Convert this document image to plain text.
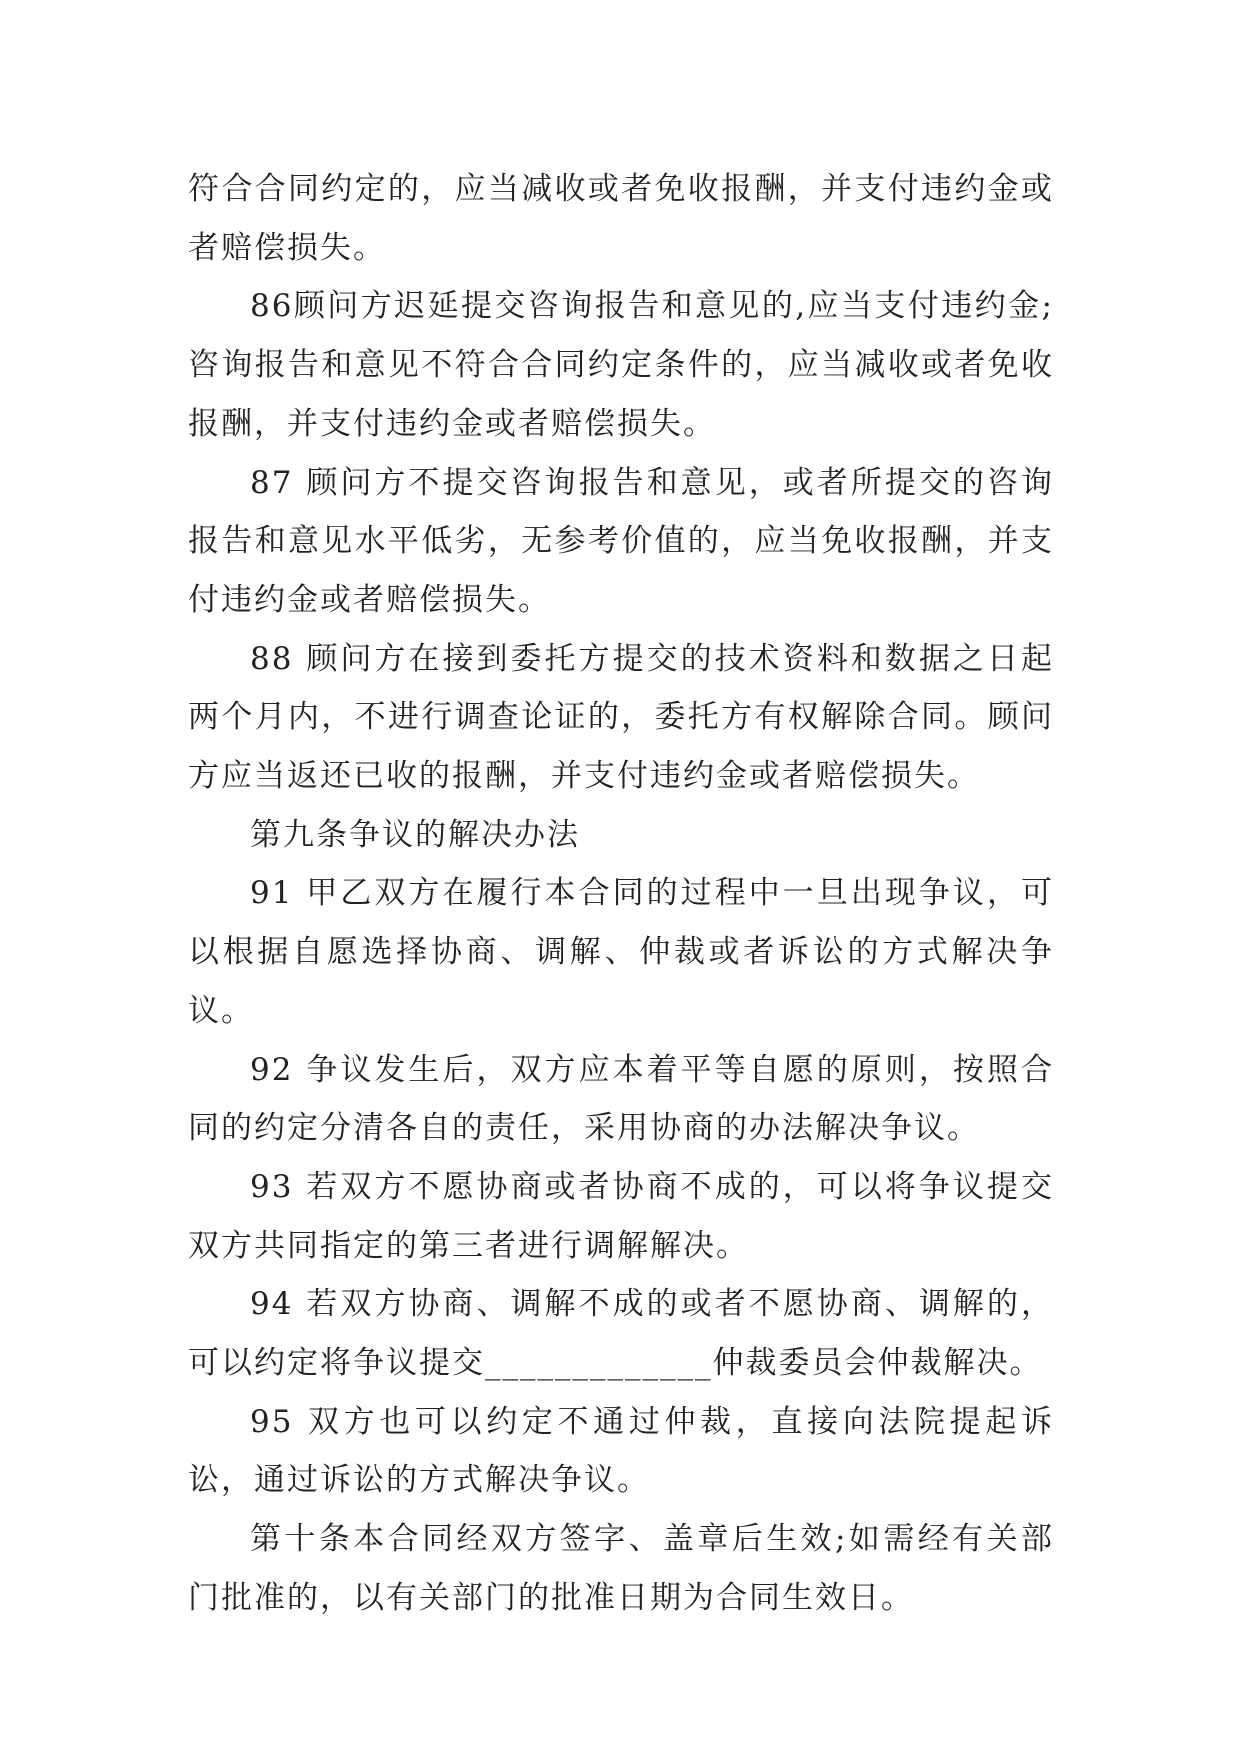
符合合同约定的，应当减收或者免收报酬，并支付违约金或者赔偿损失。

86顾问方迟延提交咨询报告和意见的,应当支付违约金;咨询报告和意见不符合合同约定条件的，应当减收或者免收报酬，并支付违约金或者赔偿损失。

87 顾问方不提交咨询报告和意见，或者所提交的咨询报告和意见水平低劣，无参考价值的，应当免收报酬，并支付违约金或者赔偿损失。

88 顾问方在接到委托方提交的技术资料和数据之日起两个月内，不进行调查论证的，委托方有权解除合同。顾问方应当返还已收的报酬，并支付违约金或者赔偿损失。

第九条争议的解决办法

91 甲乙双方在履行本合同的过程中一旦出现争议，可以根据自愿选择协商、调解、仲裁或者诉讼的方式解决争议。

92 争议发生后，双方应本着平等自愿的原则，按照合同的约定分清各自的责任，采用协商的办法解决争议。

93 若双方不愿协商或者协商不成的，可以将争议提交双方共同指定的第三者进行调解解决。

94 若双方协商、调解不成的或者不愿协商、调解的，可以约定将争议提交_____________仲裁委员会仲裁解决。

95 双方也可以约定不通过仲裁，直接向法院提起诉讼，通过诉讼的方式解决争议。

第十条本合同经双方签字、盖章后生效;如需经有关部门批准的，以有关部门的批准日期为合同生效日。
